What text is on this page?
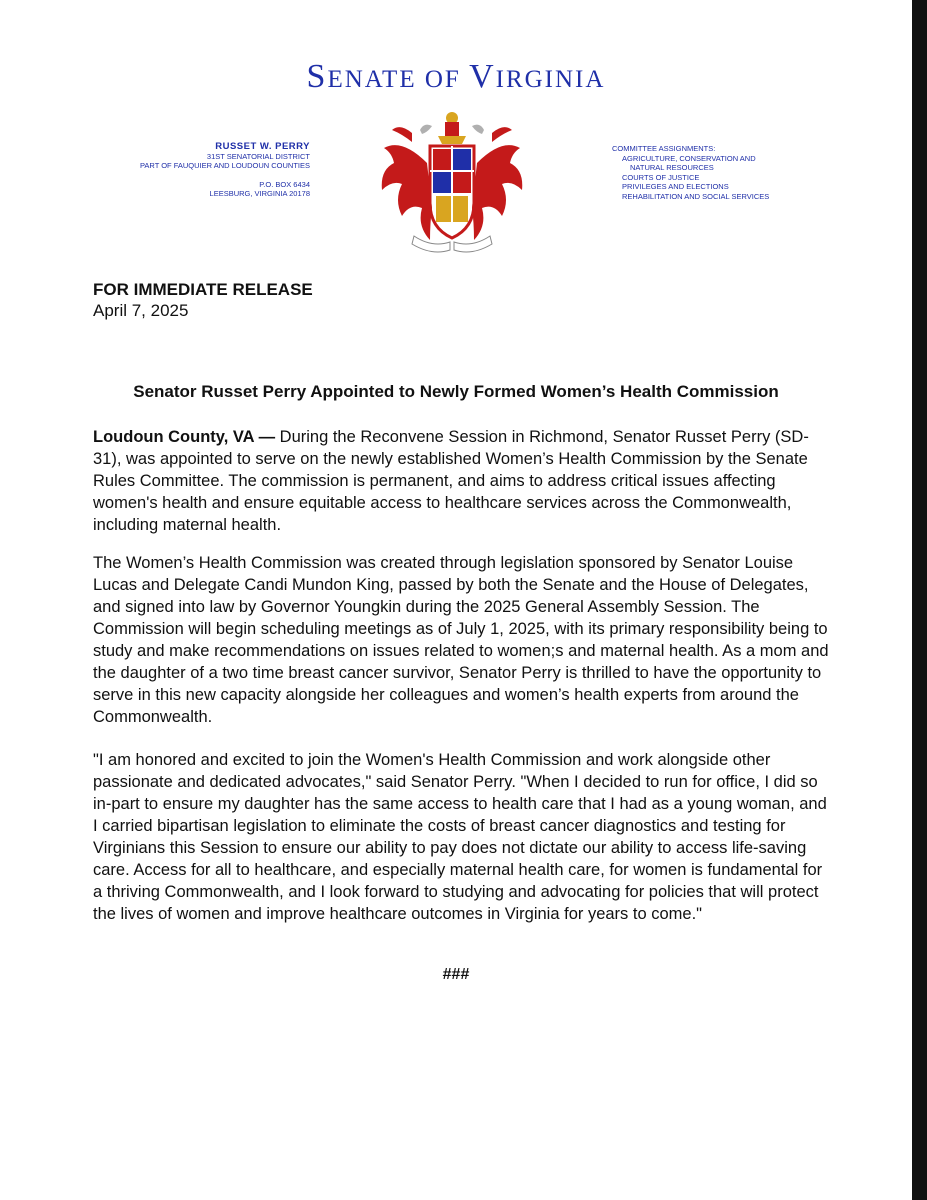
SENATE OF VIRGINIA
RUSSET W. PERRY
31ST SENATORIAL DISTRICT
PART OF FAUQUIER AND LOUDOUN COUNTIES
P.O. BOX 6434
LEESBURG, VIRGINIA 20178
COMMITTEE ASSIGNMENTS:
AGRICULTURE, CONSERVATION AND
NATURAL RESOURCES
COURTS OF JUSTICE
PRIVILEGES AND ELECTIONS
REHABILITATION AND SOCIAL SERVICES
FOR IMMEDIATE RELEASE
April 7, 2025
Senator Russet Perry Appointed to Newly Formed Women’s Health Commission

Loudoun County, VA — During the Reconvene Session in Richmond, Senator Russet Perry (SD-31), was appointed to serve on the newly established Women’s Health Commission by the Senate Rules Committee. The commission is permanent, and aims to address critical issues affecting women's health and ensure equitable access to healthcare services across the Commonwealth, including maternal health.

The Women’s Health Commission was created through legislation sponsored by Senator Louise Lucas and Delegate Candi Mundon King, passed by both the Senate and the House of Delegates, and signed into law by Governor Youngkin during the 2025 General Assembly Session. The Commission will begin scheduling meetings as of July 1, 2025, with its primary responsibility being to study and make recommendations on issues related to women;s and maternal health. As a mom and the daughter of a two time breast cancer survivor, Senator Perry is thrilled to have the opportunity to serve in this new capacity alongside her colleagues and women’s health experts from around the Commonwealth.

"I am honored and excited to join the Women's Health Commission and work alongside other passionate and dedicated advocates," said Senator Perry. "When I decided to run for office, I did so in-part to ensure my daughter has the same access to health care that I had as a young woman, and I carried bipartisan legislation to eliminate the costs of breast cancer diagnostics and testing for Virginians this Session to ensure our ability to pay does not dictate our ability to access life-saving care. Access for all to healthcare, and especially maternal health care, for women is fundamental for a thriving Commonwealth, and I look forward to studying and advocating for policies that will protect the lives of women and improve healthcare outcomes in Virginia for years to come."

###
